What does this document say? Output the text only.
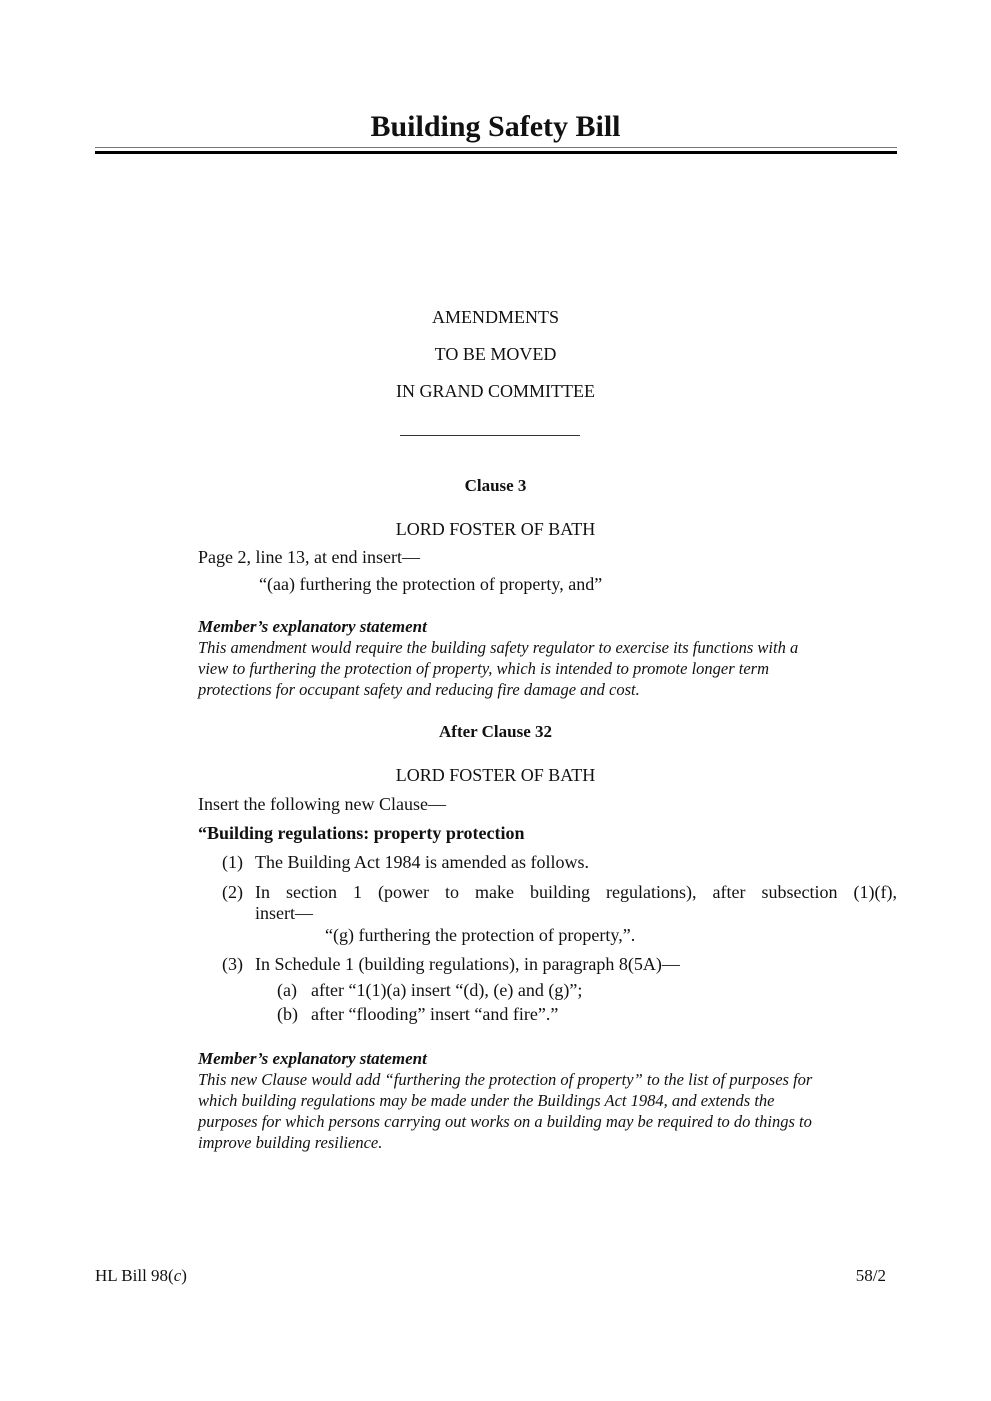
Building Safety Bill
AMENDMENTS
TO BE MOVED
IN GRAND COMMITTEE
Clause 3
LORD FOSTER OF BATH
Page 2, line 13, at end insert—
“(aa) furthering the protection of property, and”
Member’s explanatory statement
This amendment would require the building safety regulator to exercise its functions with a
view to furthering the protection of property, which is intended to promote longer term
protections for occupant safety and reducing fire damage and cost.
After Clause 32
LORD FOSTER OF BATH
Insert the following new Clause—
“Building regulations: property protection
(1) The Building Act 1984 is amended as follows.
(2) In section 1 (power to make building regulations), after subsection (1)(f),
insert—
“(g) furthering the protection of property,”.
(3) In Schedule 1 (building regulations), in paragraph 8(5A)—
(a) after “1(1)(a) insert “(d), (e) and (g)”;
(b) after “flooding” insert “and fire”.”
Member’s explanatory statement
This new Clause would add “furthering the protection of property” to the list of purposes for
which building regulations may be made under the Buildings Act 1984, and extends the
purposes for which persons carrying out works on a building may be required to do things to
improve building resilience.
HL Bill 98(c)	58/2
